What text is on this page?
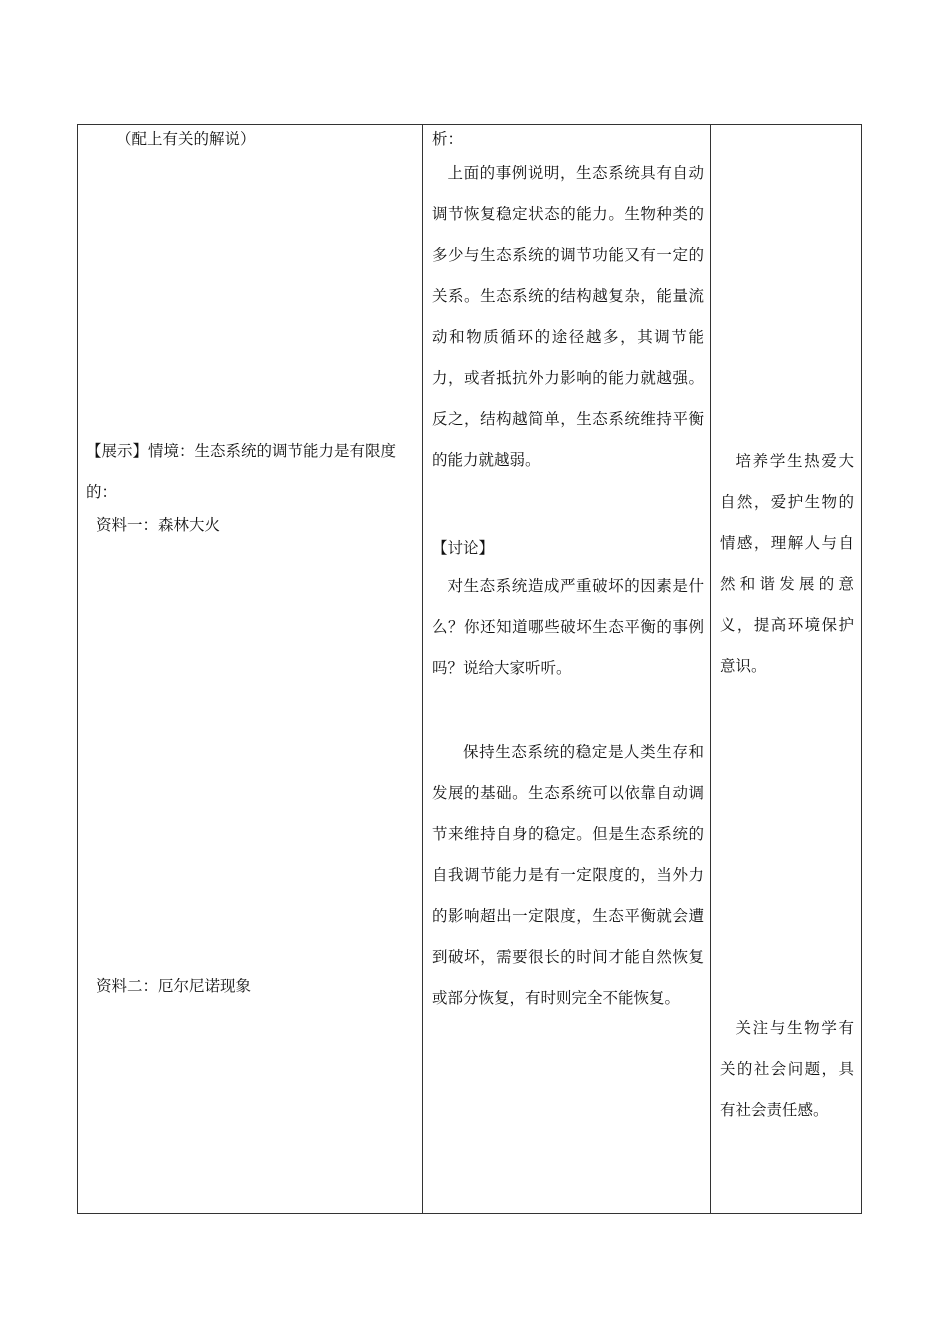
（配上有关的解说）

【展示】情境：生态系统的调节能力是有限度的：

资料一：森林大火

资料二：厄尔尼诺现象

析：

上面的事例说明，生态系统具有自动调节恢复稳定状态的能力。生物种类的多少与生态系统的调节功能又有一定的关系。生态系统的结构越复杂，能量流动和物质循环的途径越多，其调节能力，或者抵抗外力影响的能力就越强。反之，结构越简单，生态系统维持平衡的能力就越弱。

【讨论】

对生态系统造成严重破坏的因素是什么？你还知道哪些破坏生态平衡的事例吗？说给大家听听。

保持生态系统的稳定是人类生存和发展的基础。生态系统可以依靠自动调节来维持自身的稳定。但是生态系统的自我调节能力是有一定限度的，当外力的影响超出一定限度，生态平衡就会遭到破坏，需要很长的时间才能自然恢复或部分恢复，有时则完全不能恢复。

培养学生热爱大自然，爱护生物的情感，理解人与自然和谐发展的意义，提高环境保护意识。

关注与生物学有关的社会问题，具有社会责任感。
